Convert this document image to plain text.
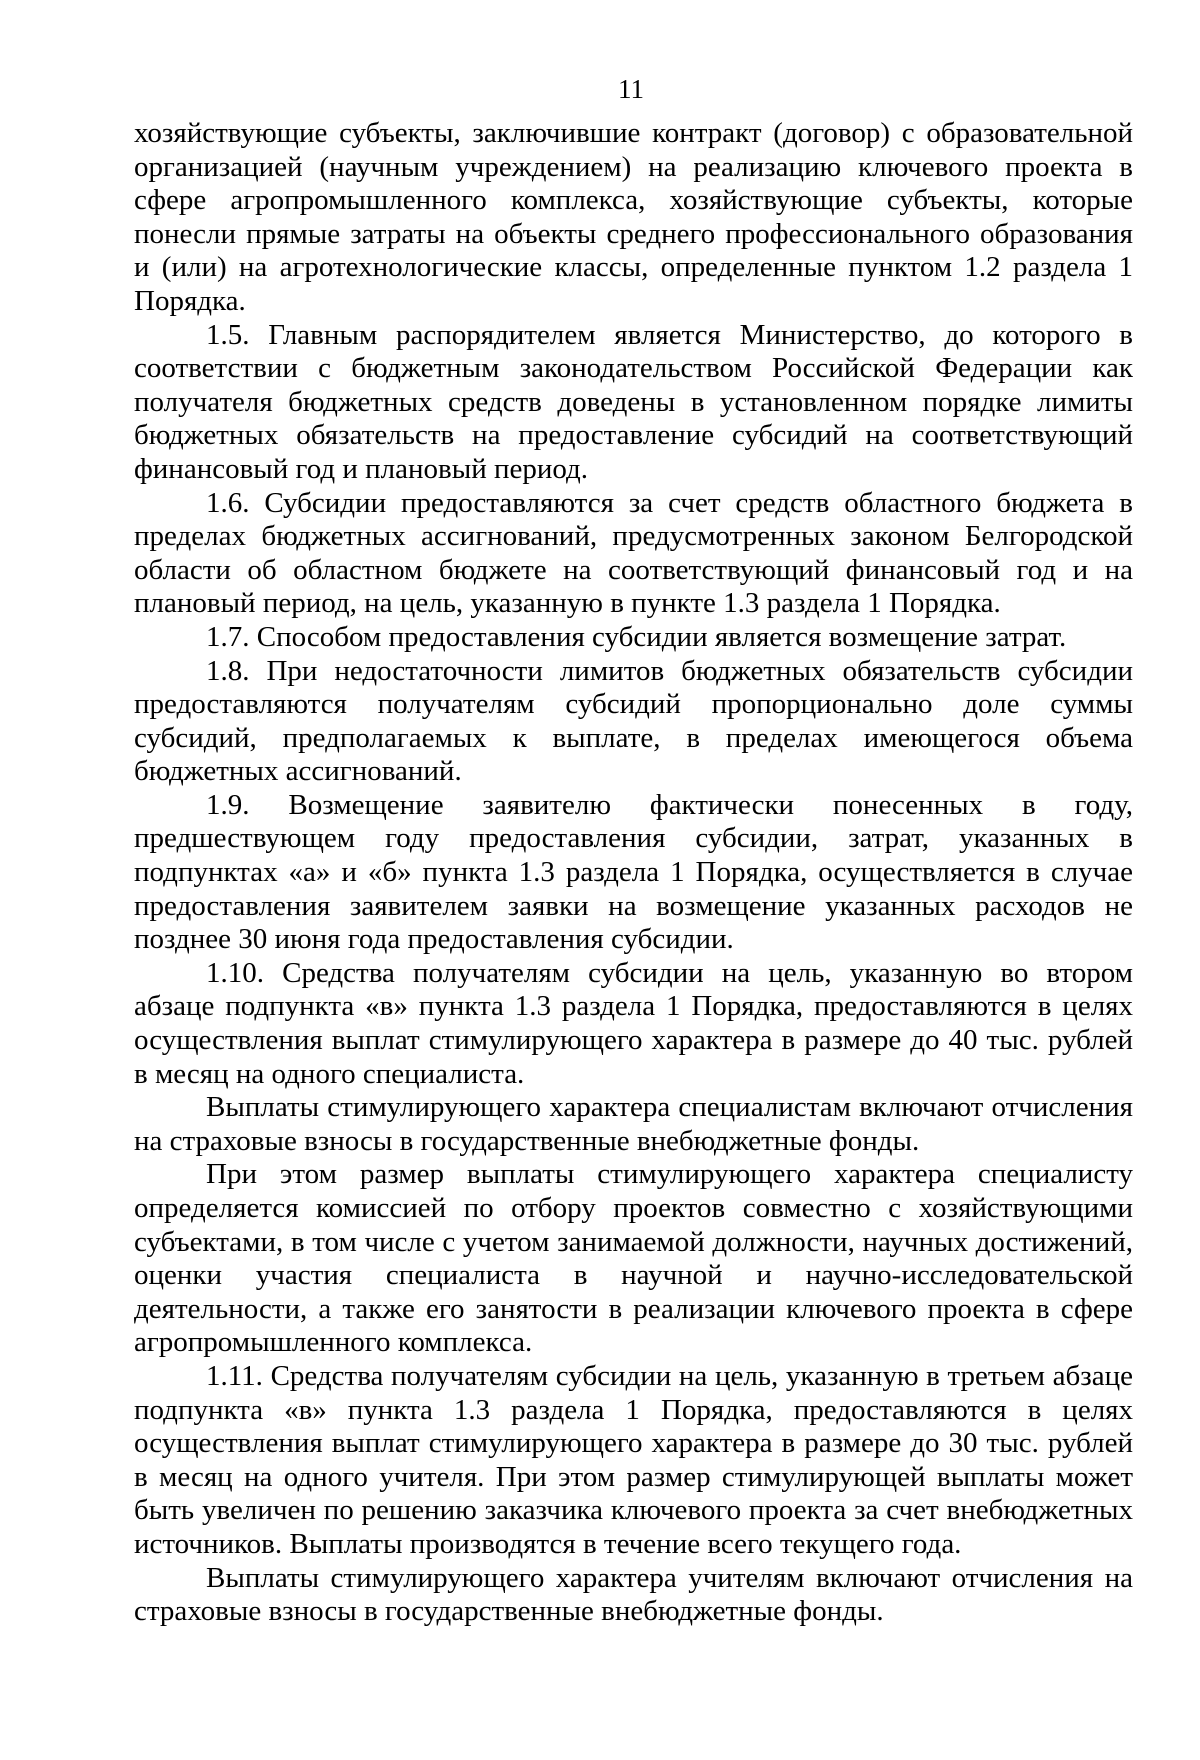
11

хозяйствующие субъекты, заключившие контракт (договор) с образовательной организацией (научным учреждением) на реализацию ключевого проекта в сфере агропромышленного комплекса, хозяйствующие субъекты, которые понесли прямые затраты на объекты среднего профессионального образования и (или) на агротехнологические классы, определенные пунктом 1.2 раздела 1 Порядка.

1.5. Главным распорядителем является Министерство, до которого в соответствии с бюджетным законодательством Российской Федерации как получателя бюджетных средств доведены в установленном порядке лимиты бюджетных обязательств на предоставление субсидий на соответствующий финансовый год и плановый период.

1.6. Субсидии предоставляются за счет средств областного бюджета в пределах бюджетных ассигнований, предусмотренных законом Белгородской области об областном бюджете на соответствующий финансовый год и на плановый период, на цель, указанную в пункте 1.3 раздела 1 Порядка.

1.7. Способом предоставления субсидии является возмещение затрат.

1.8. При недостаточности лимитов бюджетных обязательств субсидии предоставляются получателям субсидий пропорционально доле суммы субсидий, предполагаемых к выплате, в пределах имеющегося объема бюджетных ассигнований.

1.9. Возмещение заявителю фактически понесенных в году, предшествующем году предоставления субсидии, затрат, указанных в подпунктах «а» и «б» пункта 1.3 раздела 1 Порядка, осуществляется в случае предоставления заявителем заявки на возмещение указанных расходов не позднее 30 июня года предоставления субсидии.

1.10. Средства получателям субсидии на цель, указанную во втором абзаце подпункта «в» пункта 1.3 раздела 1 Порядка, предоставляются в целях осуществления выплат стимулирующего характера в размере до 40 тыс. рублей в месяц на одного специалиста.

Выплаты стимулирующего характера специалистам включают отчисления на страховые взносы в государственные внебюджетные фонды.

При этом размер выплаты стимулирующего характера специалисту определяется комиссией по отбору проектов совместно с хозяйствующими субъектами, в том числе с учетом занимаемой должности, научных достижений, оценки участия специалиста в научной и научно-исследовательской деятельности, а также его занятости в реализации ключевого проекта в сфере агропромышленного комплекса.

1.11. Средства получателям субсидии на цель, указанную в третьем абзаце подпункта «в» пункта 1.3 раздела 1 Порядка, предоставляются в целях осуществления выплат стимулирующего характера в размере до 30 тыс. рублей в месяц на одного учителя. При этом размер стимулирующей выплаты может быть увеличен по решению заказчика ключевого проекта за счет внебюджетных источников. Выплаты производятся в течение всего текущего года.

Выплаты стимулирующего характера учителям включают отчисления на страховые взносы в государственные внебюджетные фонды.
